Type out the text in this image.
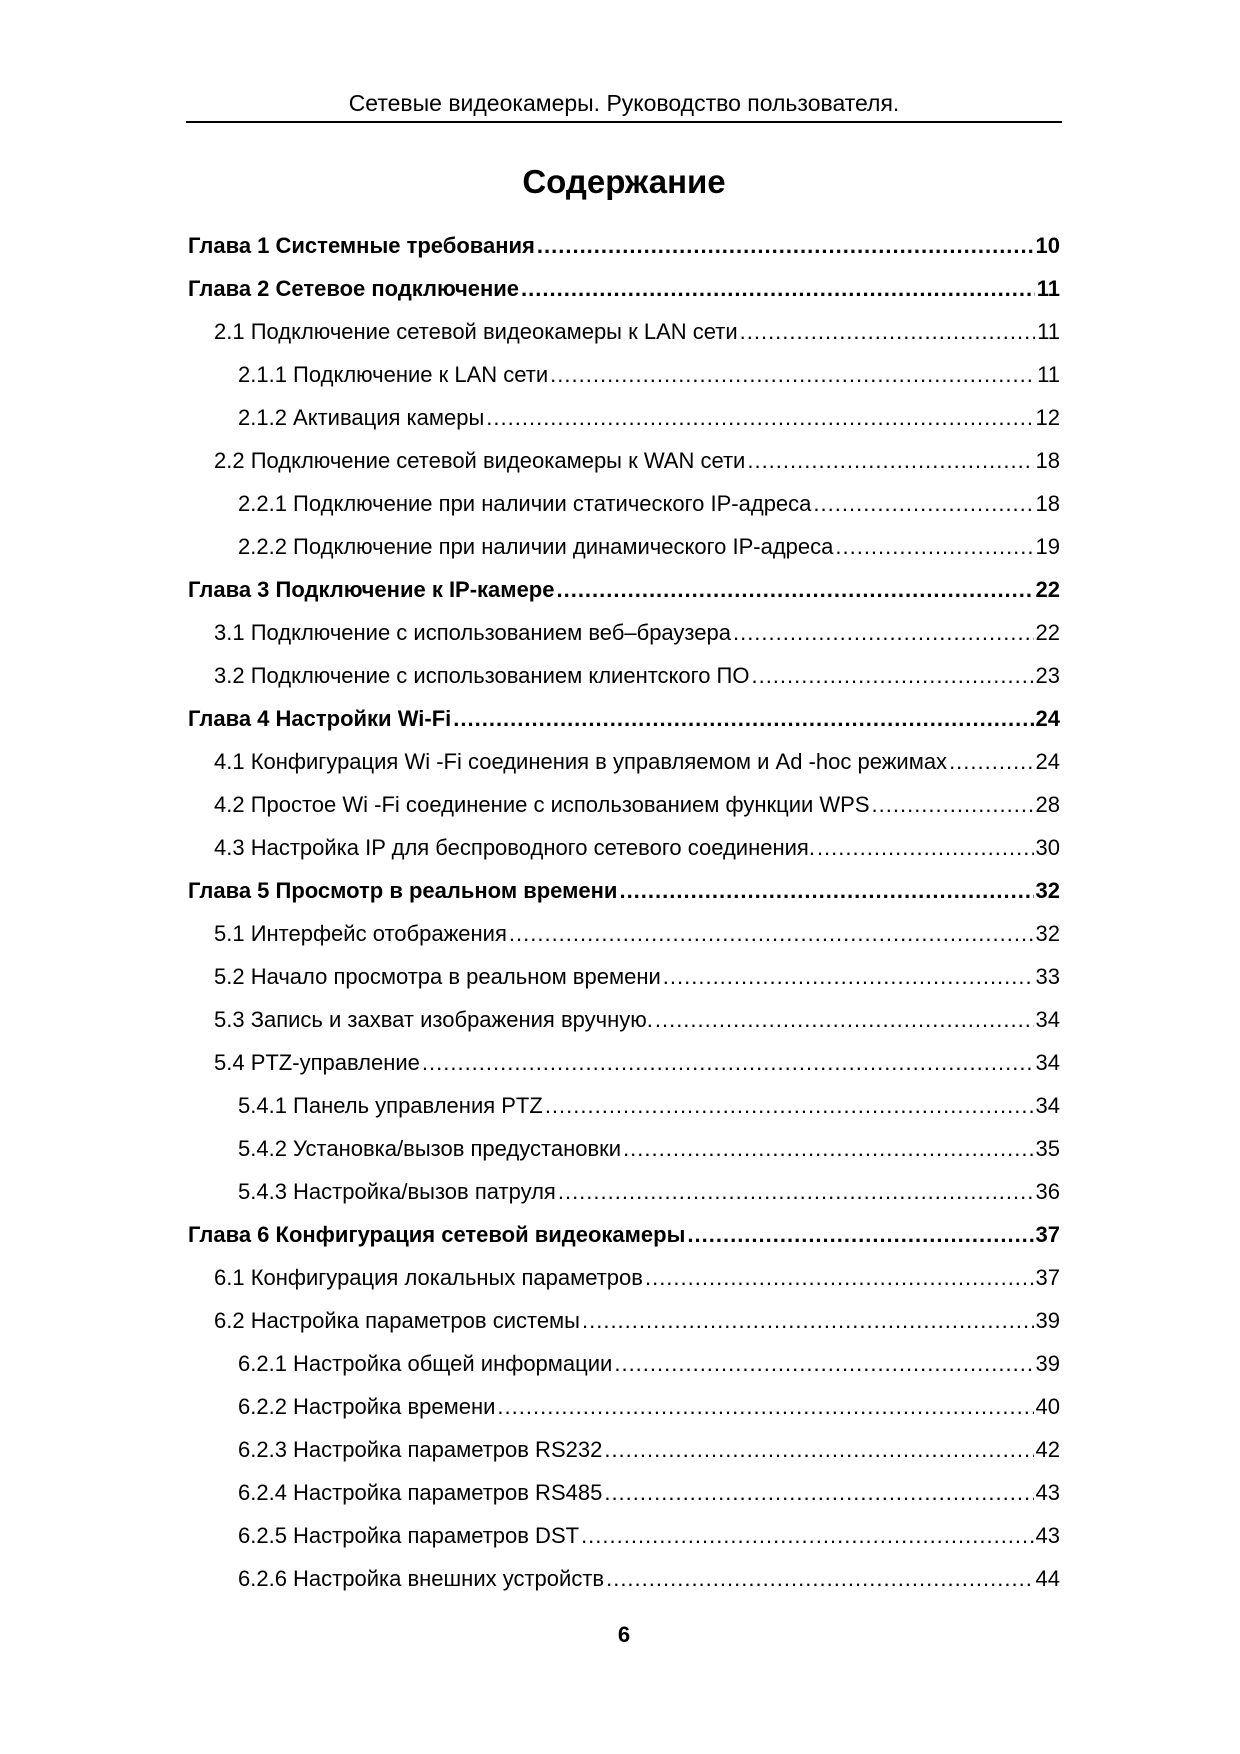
Сетевые видеокамеры. Руководство пользователя.
Содержание
Глава 1 Системные требования .....	10
Глава 2 Сетевое подключение .....	11
2.1 Подключение сетевой видеокамеры к LAN сети .....	11
2.1.1 Подключение к LAN сети .....	11
2.1.2 Активация камеры .....	12
2.2 Подключение сетевой видеокамеры к WAN сети .....	18
2.2.1 Подключение при наличии статического IP-адреса .....	18
2.2.2 Подключение при наличии динамического IP-адреса .....	19
Глава 3 Подключение к IP-камере .....	22
3.1 Подключение с использованием веб–браузера .....	22
3.2 Подключение с использованием клиентского ПО .....	23
Глава 4 Настройки Wi-Fi .....	24
4.1 Конфигурация Wi -Fi соединения в управляемом и Ad -hoc режимах .....	24
4.2 Простое Wi -Fi соединение с использованием функции WPS .....	28
4.3 Настройка IP для беспроводного сетевого соединения. .....	30
Глава 5 Просмотр в реальном времени .....	32
5.1 Интерфейс отображения .....	32
5.2 Начало просмотра в реальном времени .....	33
5.3 Запись и захват изображения вручную. .....	34
5.4 PTZ-управление .....	34
5.4.1 Панель управления PTZ .....	34
5.4.2 Установка/вызов предустановки .....	35
5.4.3 Настройка/вызов патруля .....	36
Глава 6 Конфигурация сетевой видеокамеры .....	37
6.1 Конфигурация локальных параметров .....	37
6.2 Настройка параметров системы .....	39
6.2.1 Настройка общей информации .....	39
6.2.2 Настройка времени .....	40
6.2.3 Настройка параметров RS232 .....	42
6.2.4 Настройка параметров RS485 .....	43
6.2.5 Настройка параметров DST .....	43
6.2.6 Настройка внешних устройств .....	44
6
